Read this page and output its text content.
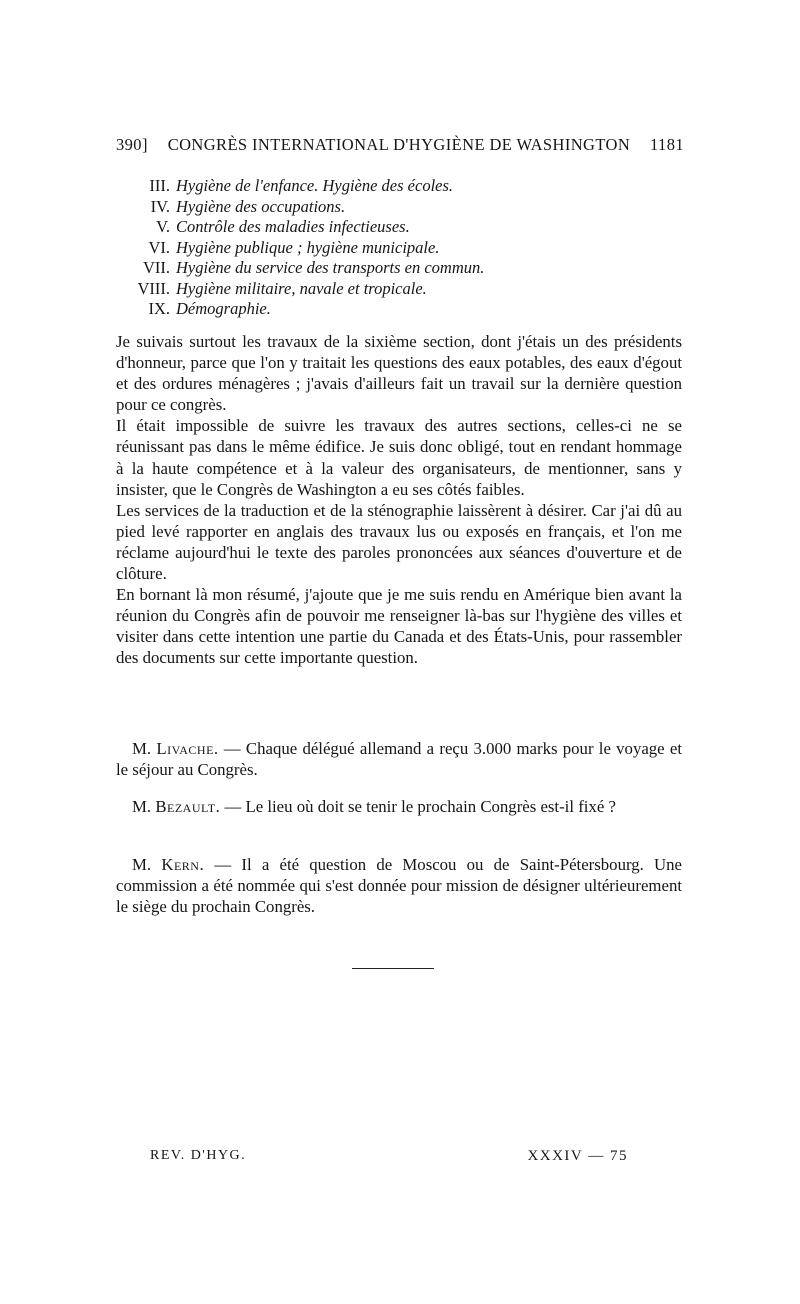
390]	CONGRÈS INTERNATIONAL D'HYGIÈNE DE WASHINGTON	1181
III. Hygiène de l'enfance. Hygiène des écoles.
IV. Hygiène des occupations.
V. Contrôle des maladies infectieuses.
VI. Hygiène publique ; hygiène municipale.
VII. Hygiène du service des transports en commun.
VIII. Hygiène militaire, navale et tropicale.
IX. Démographie.

Je suivais surtout les travaux de la sixième section, dont j'étais un des présidents d'honneur, parce que l'on y traitait les questions des eaux potables, des eaux d'égout et des ordures ménagères ; j'avais d'ailleurs fait un travail sur la dernière question pour ce congrès.

Il était impossible de suivre les travaux des autres sections, celles-ci ne se réunissant pas dans le même édifice. Je suis donc obligé, tout en rendant hommage à la haute compétence et à la valeur des organisateurs, de mentionner, sans y insister, que le Congrès de Washington a eu ses côtés faibles.

Les services de la traduction et de la sténographie laissèrent à désirer. Car j'ai dû au pied levé rapporter en anglais des travaux lus ou exposés en français, et l'on me réclame aujourd'hui le texte des paroles prononcées aux séances d'ouverture et de clôture.

En bornant là mon résumé, j'ajoute que je me suis rendu en Amérique bien avant la réunion du Congrès afin de pouvoir me renseigner là-bas sur l'hygiène des villes et visiter dans cette intention une partie du Canada et des États-Unis, pour rassembler des documents sur cette importante question.

M. Livache. — Chaque délégué allemand a reçu 3.000 marks pour le voyage et le séjour au Congrès.

M. Bezault. — Le lieu où doit se tenir le prochain Congrès est-il fixé ?

M. Kern. — Il a été question de Moscou ou de Saint-Pétersbourg. Une commission a été nommée qui s'est donnée pour mission de désigner ultérieurement le siège du prochain Congrès.

REV. D'HYG.	XXXIV — 75
